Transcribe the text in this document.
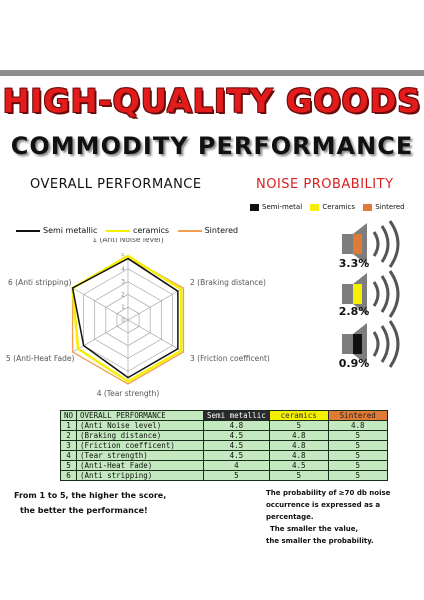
HIGH-QUALITY GOODS
COMMODITY PERFORMANCE
OVERALL PERFORMANCE	NOISE PROBABILITY
Semi-metal	Ceramics	Sintered
Semi metallic	ceramics	Sintered
0
1
2
3
4
5
1 (Anti Noise level)
2 (Braking distance)
3 (Friction coefficent)
4 (Tear strength)
5 (Anti-Heat Fade)
6 (Anti stripping)
3.3%
2.8%
0.9%
NO	OVERALL PERFORMANCE	Semi metallic	ceramics	Sintered
1	(Anti Noise level)	4.8	5	4.8
2	(Braking distance)	4.5	4.8	5
3	(Friction coefficent)	4.5	4.8	5
4	(Tear strength)	4.5	4.8	5
5	(Anti-Heat Fade)	4	4.5	5
6	(Anti stripping)	5	5	5
From 1 to 5, the higher the score,
the better the performance!
The probability of ≥70 db noise
occurrence is expressed as a percentage.
The smaller the value,
the smaller the probability.
